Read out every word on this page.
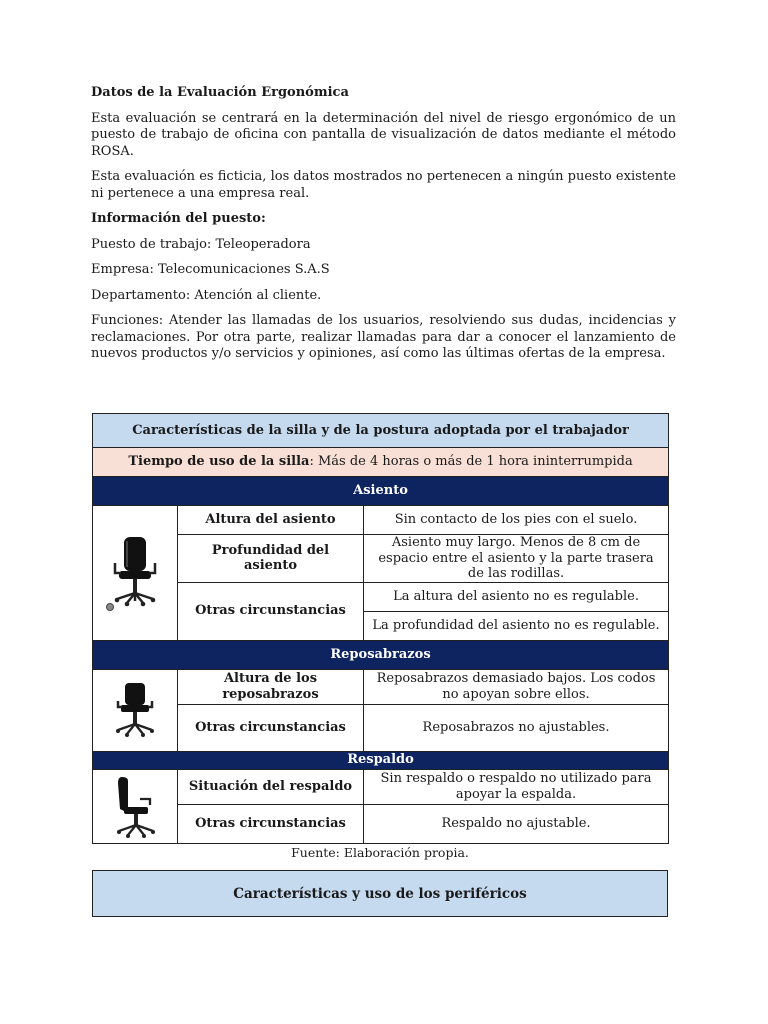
Datos de la Evaluación Ergonómica

Esta evaluación se centrará en la determinación del nivel de riesgo ergonómico de un puesto de trabajo de oficina con pantalla de visualización de datos mediante el método ROSA.

Esta evaluación es ficticia, los datos mostrados no pertenecen a ningún puesto existente ni pertenece a una empresa real.

Información del puesto:

Puesto de trabajo: Teleoperadora

Empresa: Telecomunicaciones S.A.S

Departamento: Atención al cliente.

Funciones: Atender las llamadas de los usuarios, resolviendo sus dudas, incidencias y reclamaciones. Por otra parte, realizar llamadas para dar a conocer el lanzamiento de nuevos productos y/o servicios y opiniones, así como las últimas ofertas de la empresa.

Características de la silla y de la postura adoptada por el trabajador		
Tiempo de uso de la silla: Más de 4 horas o más de 1 hora ininterrumpida		
Asiento		

	Altura del asiento	Sin contacto de los pies con el suelo.
	Profundidad del asiento	Asiento muy largo. Menos de 8 cm de espacio entre el asiento y la parte trasera de las rodillas.
	Otras circunstancias	La altura del asiento no es regulable.
		La profundidad del asiento no es regulable.
Reposabrazos		

	Altura de los reposabrazos	Reposabrazos demasiado bajos. Los codos no apoyan sobre ellos.
	Otras circunstancias	Reposabrazos no ajustables.
Respaldo		

	Situación del respaldo	Sin respaldo o respaldo no utilizado para apoyar la espalda.
	Otras circunstancias	Respaldo no ajustable.
Fuente: Elaboración propia.
Características y uso de los periféricos
